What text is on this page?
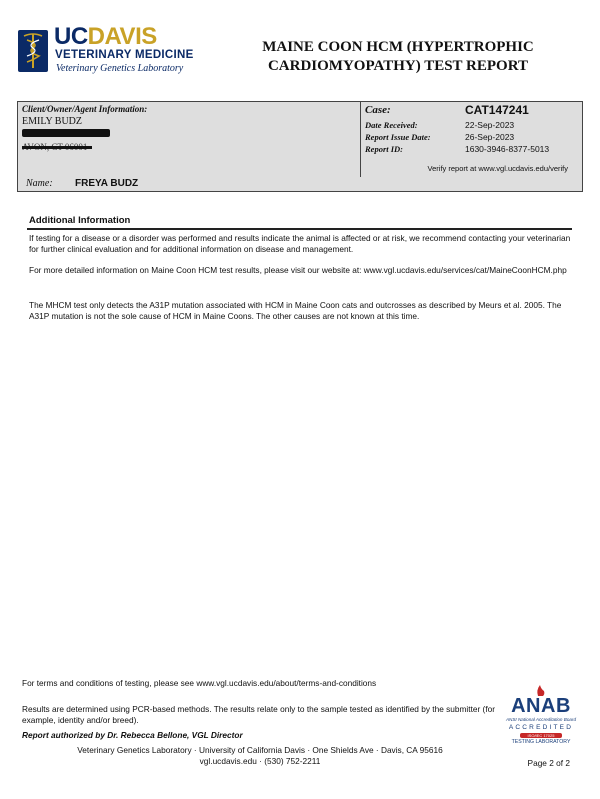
UCDAVIS
VETERINARY MEDICINE
Veterinary Genetics Laboratory
MAINE COON HCM (HYPERTROPHIC
CARDIOMYOPATHY) TEST REPORT
Client/Owner/Agent Information:
EMILY BUDZ
Case:	CAT147241
Date Received:	22-Sep-2023
Report Issue Date:	26-Sep-2023
Report ID:	1630-3946-8377-5013
Verify report at www.vgl.ucdavis.edu/verify
Name: FREYA BUDZ
Additional Information
If testing for a disease or a disorder was performed and results indicate the animal is affected or at risk, we recommend contacting your veterinarian for further clinical evaluation and for additional information on disease and management.
For more detailed information on Maine Coon HCM test results, please visit our website at: www.vgl.ucdavis.edu/services/cat/MaineCoonHCM.php
The MHCM test only detects the A31P mutation associated with HCM in Maine Coon cats and outcrosses as described by Meurs et al. 2005. The A31P mutation is not the sole cause of HCM in Maine Coons. The other causes are not known at this time.
For terms and conditions of testing, please see www.vgl.ucdavis.edu/about/terms-and-conditions
Results are determined using PCR-based methods. The results relate only to the sample tested as identified by the submitter (for example, identity and/or breed).
Report authorized by Dr. Rebecca Bellone, VGL Director
Veterinary Genetics Laboratory · University of California Davis · One Shields Ave · Davis, CA 95616
vgl.ucdavis.edu · (530) 752-2211	Page 2 of 2
ANAB
ANSI National Accreditation Board
ACCREDITED
ISO/IEC 17025
TESTING LABORATORY
